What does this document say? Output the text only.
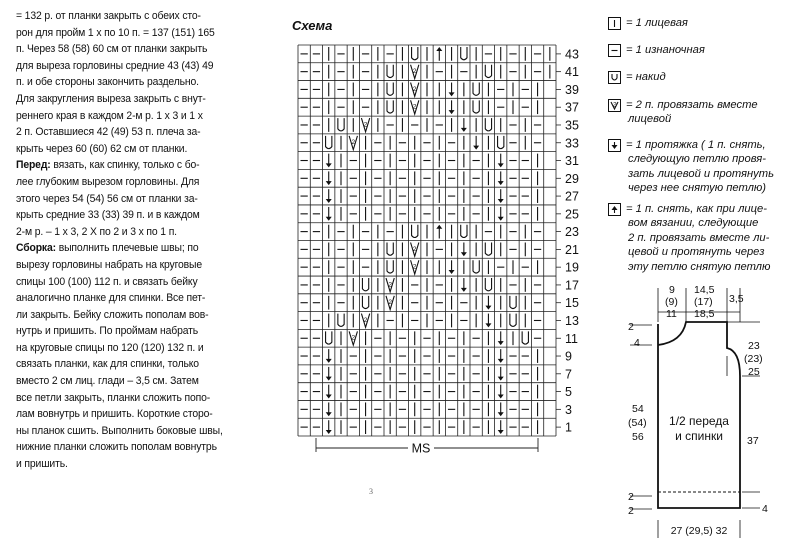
= 132 р. от планки закрыть с обеих сто-
рон для пройм 1 х по 10 п. = 137 (151) 165
п. Через 58 (58) 60 см от планки закрыть
для выреза горловины средние 43 (43) 49
п. и обе стороны закончить раздельно.
Для закругления выреза закрыть с внут-
реннего края в каждом 2-м р. 1 х 3 и 1 х
2 п. Оставшиеся 42 (49) 53 п. плеча за-
крыть через 60 (60) 62 см от планки.
Перед: вязать, как спинку, только с бо-
лее глубоким вырезом горловины. Для
этого через 54 (54) 56 см от планки за-
крыть средние 33 (33) 39 п. и в каждом
2-м р. – 1 х 3, 2 Х по 2 и 3 х по 1 п.
Сборка: выполнить плечевые швы; по
вырезу горловины набрать на круговые
спицы 100 (100) 112 п. и связать бейку
аналогично планке для спинки. Все пет-
ли закрыть. Бейку сложить пополам вов-
нутрь и пришить. По проймам набрать
на круговые спицы по 120 (120) 132 п. и
связать планки, как для спинки, только
вместо 2 см лиц. глади – 3,5 см. Затем
все петли закрыть, планки сложить попо-
лам вовнутрь и пришить. Короткие сторо-
ны планок сшить. Выполнить боковые швы,
нижние планки сложить пополам вовнутрь
и пришить.
Схема
2
2
2
2
2
2
2
2
2
2
2
43
41
39
37
35
33
31
29
27
25
23
21
19
17
15
13
11
9
7
5
3
1
MS
3
= 1 лицевая
= 1 изнаночная
= накид
2 = 2 п. провязать вместе
лицевой
= 1 протяжка ( 1 п. снять,
следующую петлю провя-
зать лицевой и протянуть
через нее снятую петлю)
= 1 п. снять, как при лице-
вом вязании, следующие
2 п. провязать вместе ли-
цевой и протянуть через
эту петлю снятую петлю
9
(9)
11
14,5
(17)
18,5
3,5
23
(23)
25
37
4
2
4
54
(54)
56
2
2
1/2 переда
и спинки
27 (29,5) 32
